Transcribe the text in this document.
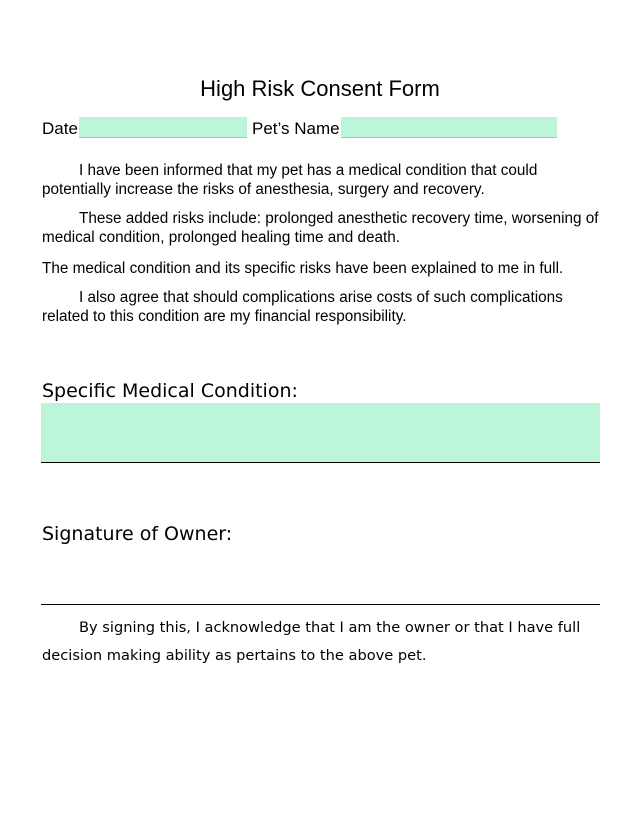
High Risk Consent Form
Date	Pet’s Name

I have been informed that my pet has a medical condition that could potentially increase the risks of anesthesia, surgery and recovery.

These added risks include: prolonged anesthetic recovery time, worsening of medical condition, prolonged healing time and death.

The medical condition and its specific risks have been explained to me in full.

I also agree that should complications arise costs of such complications related to this condition are my financial responsibility.

Specific Medical Condition:
Signature of Owner:

By signing this, I acknowledge that I am the owner or that I have full decision making ability as pertains to the above pet.
